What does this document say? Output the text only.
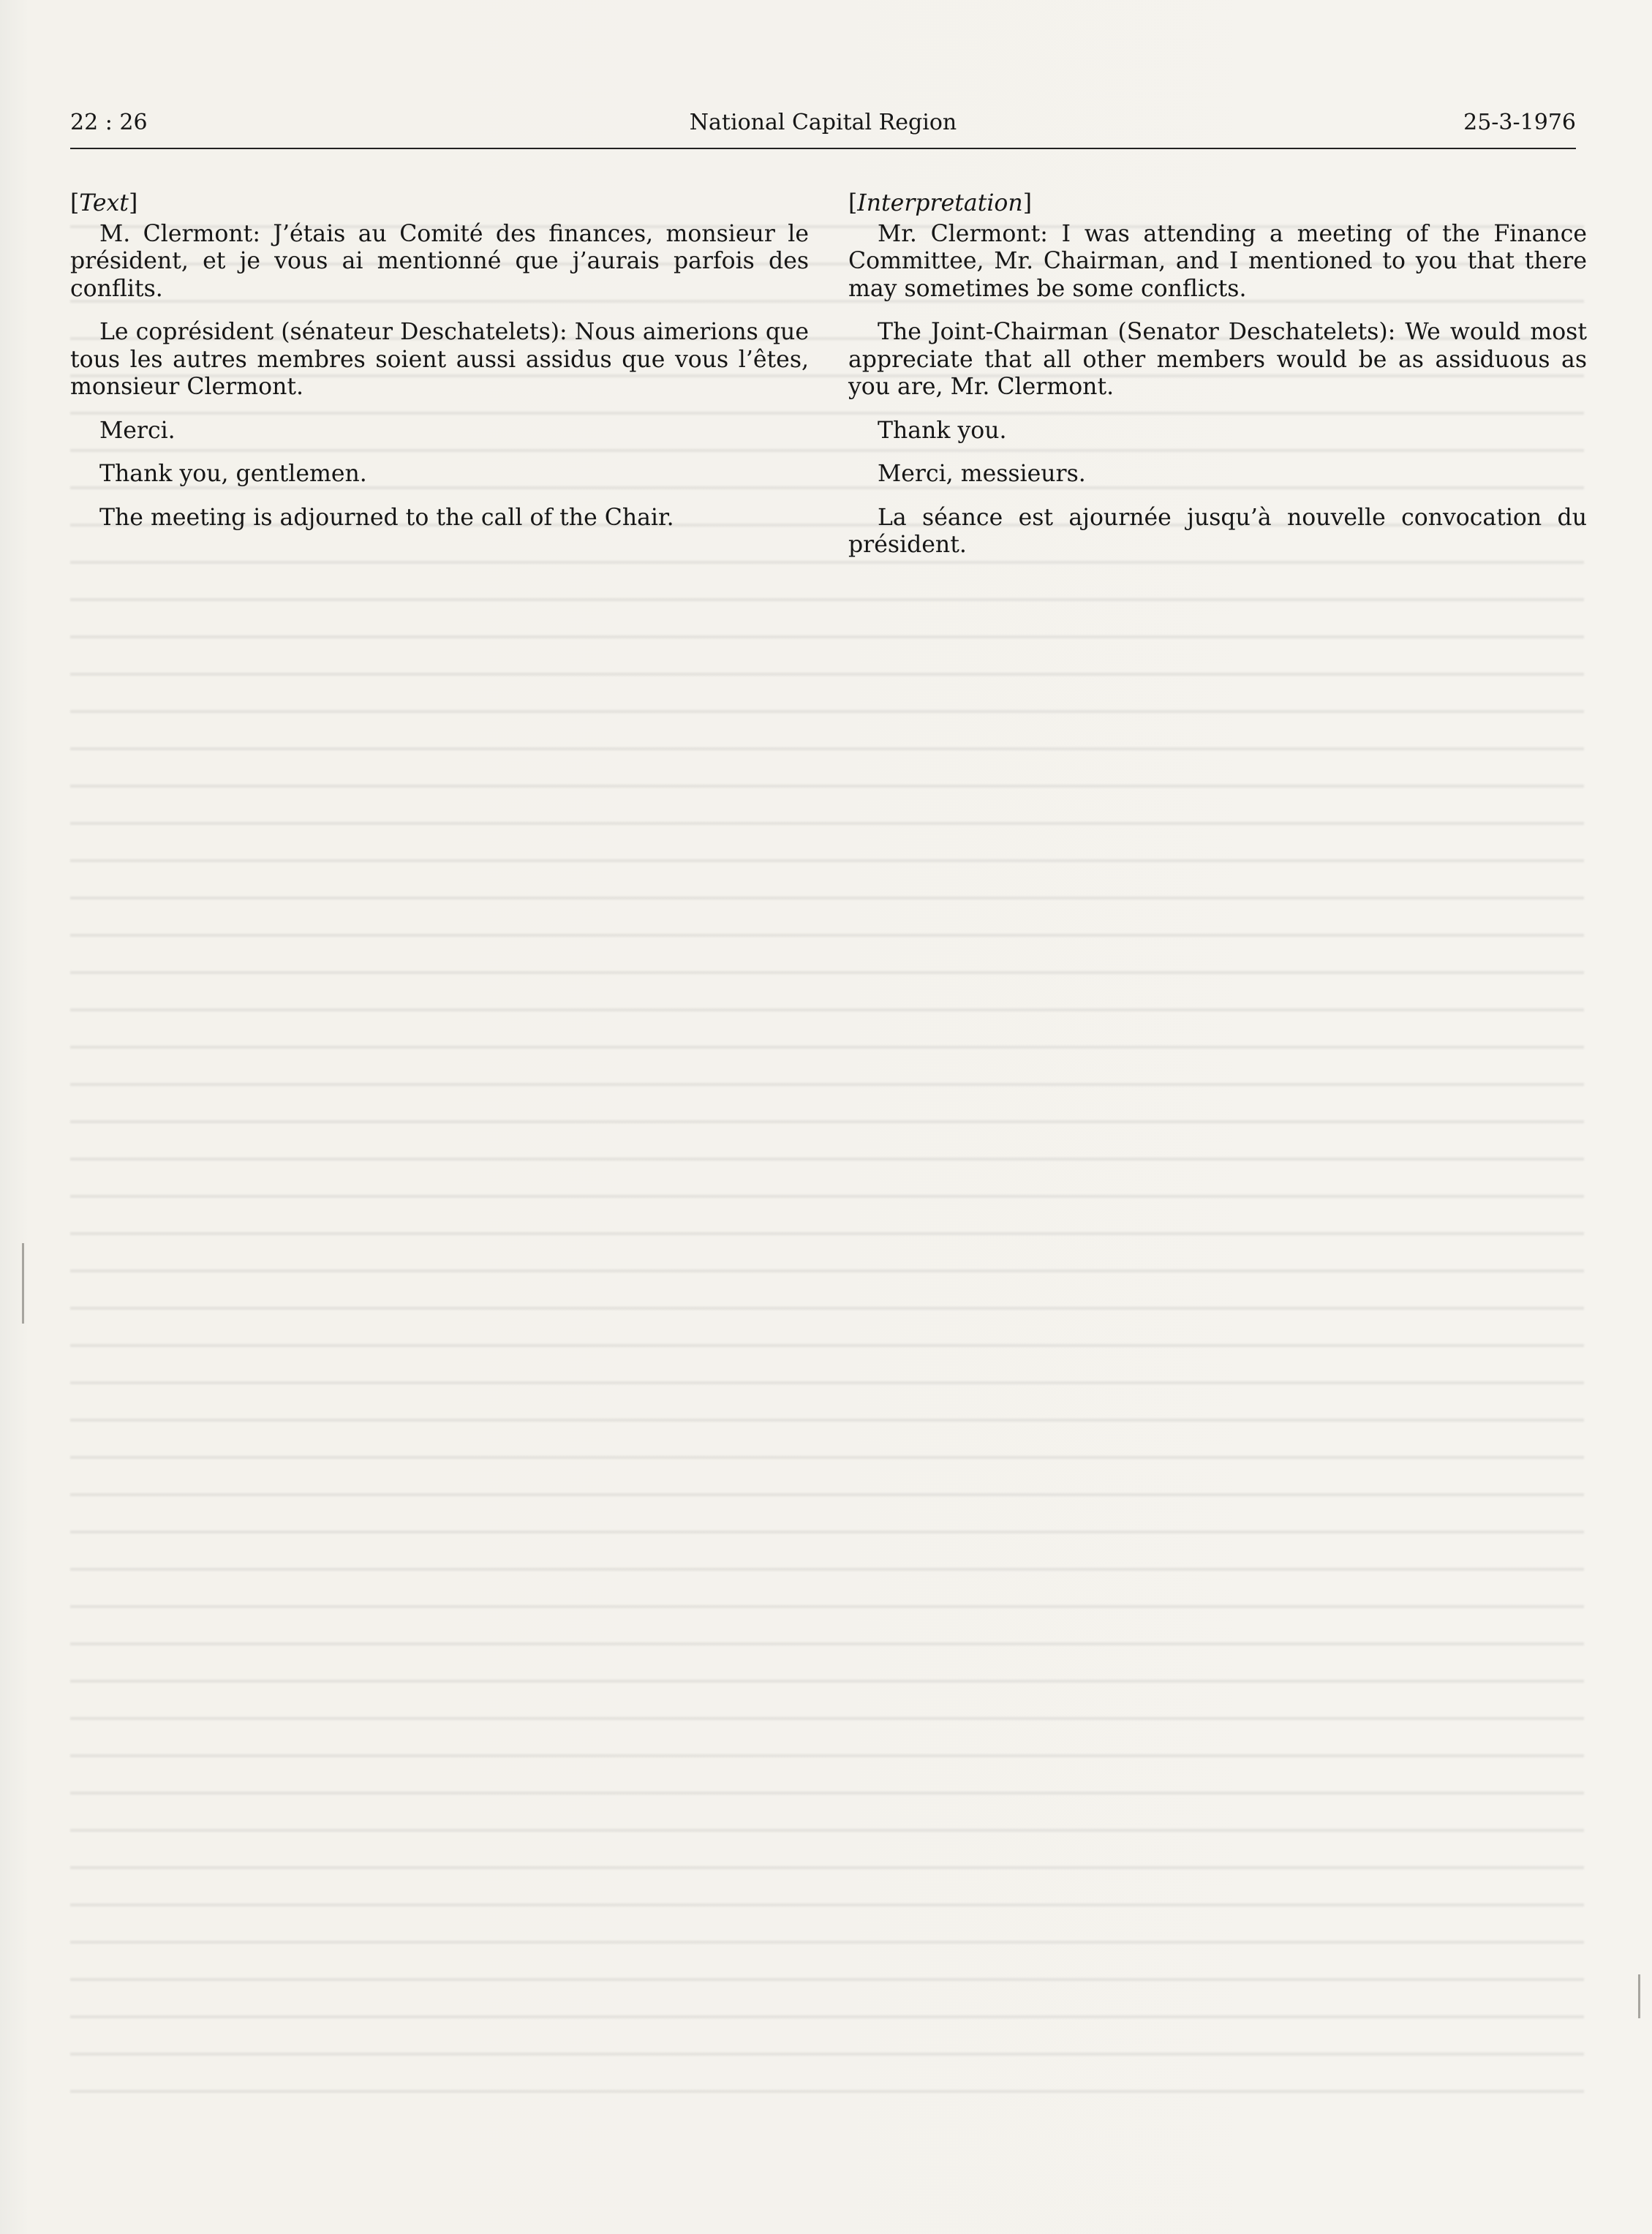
22 : 26	National Capital Region	25-3-1976

[Text]

M. Clermont: J’étais au Comité des finances, monsieur le président, et je vous ai mentionné que j’aurais parfois des conflits.

Le coprésident (sénateur Deschatelets): Nous aimerions que tous les autres membres soient aussi assidus que vous l’êtes, monsieur Clermont.

Merci.

Thank you, gentlemen.

The meeting is adjourned to the call of the Chair.

[Interpretation]

Mr. Clermont: I was attending a meeting of the Finance Committee, Mr. Chairman, and I mentioned to you that there may sometimes be some conflicts.

The Joint-Chairman (Senator Deschatelets): We would most appreciate that all other members would be as assiduous as you are, Mr. Clermont.

Thank you.

Merci, messieurs.

La séance est ajournée jusqu’à nouvelle convocation du président.
